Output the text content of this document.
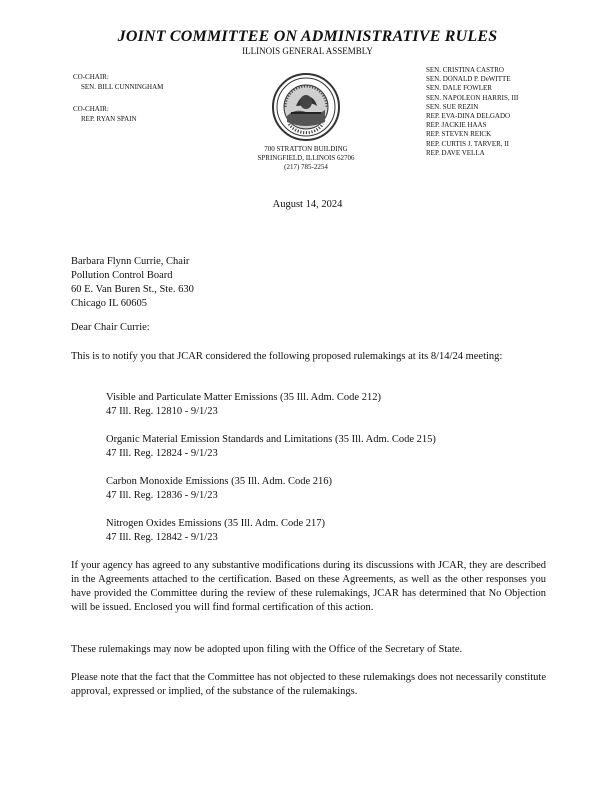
JOINT COMMITTEE ON ADMINISTRATIVE RULES
ILLINOIS GENERAL ASSEMBLY
CO-CHAIR:
SEN. BILL CUNNINGHAM
CO-CHAIR:
REP. RYAN SPAIN
700 STRATTON BUILDING
SPRINGFIELD, ILLINOIS 62706
(217) 785-2254
SEN. CRISTINA CASTRO
SEN. DONALD P. DeWITTE
SEN. DALE FOWLER
SEN. NAPOLEON HARRIS, III
SEN. SUE REZIN
REP. EVA-DINA DELGADO
REP. JACKIE HAAS
REP. STEVEN REICK
REP. CURTIS J. TARVER, II
REP. DAVE VELLA
August 14, 2024
Barbara Flynn Currie, Chair
Pollution Control Board
60 E. Van Buren St., Ste. 630
Chicago IL 60605
Dear Chair Currie:
This is to notify you that JCAR considered the following proposed rulemakings at its 8/14/24 meeting:
Visible and Particulate Matter Emissions (35 Ill. Adm. Code 212)
47 Ill. Reg. 12810 - 9/1/23
Organic Material Emission Standards and Limitations (35 Ill. Adm. Code 215)
47 Ill. Reg. 12824 - 9/1/23
Carbon Monoxide Emissions (35 Ill. Adm. Code 216)
47 Ill. Reg. 12836 - 9/1/23
Nitrogen Oxides Emissions (35 Ill. Adm. Code 217)
47 Ill. Reg. 12842 - 9/1/23
If your agency has agreed to any substantive modifications during its discussions with JCAR, they are described in the Agreements attached to the certification. Based on these Agreements, as well as the other responses you have provided the Committee during the review of these rulemakings, JCAR has determined that No Objection will be issued. Enclosed you will find formal certification of this action.
These rulemakings may now be adopted upon filing with the Office of the Secretary of State.
Please note that the fact that the Committee has not objected to these rulemakings does not necessarily constitute approval, expressed or implied, of the substance of the rulemakings.
